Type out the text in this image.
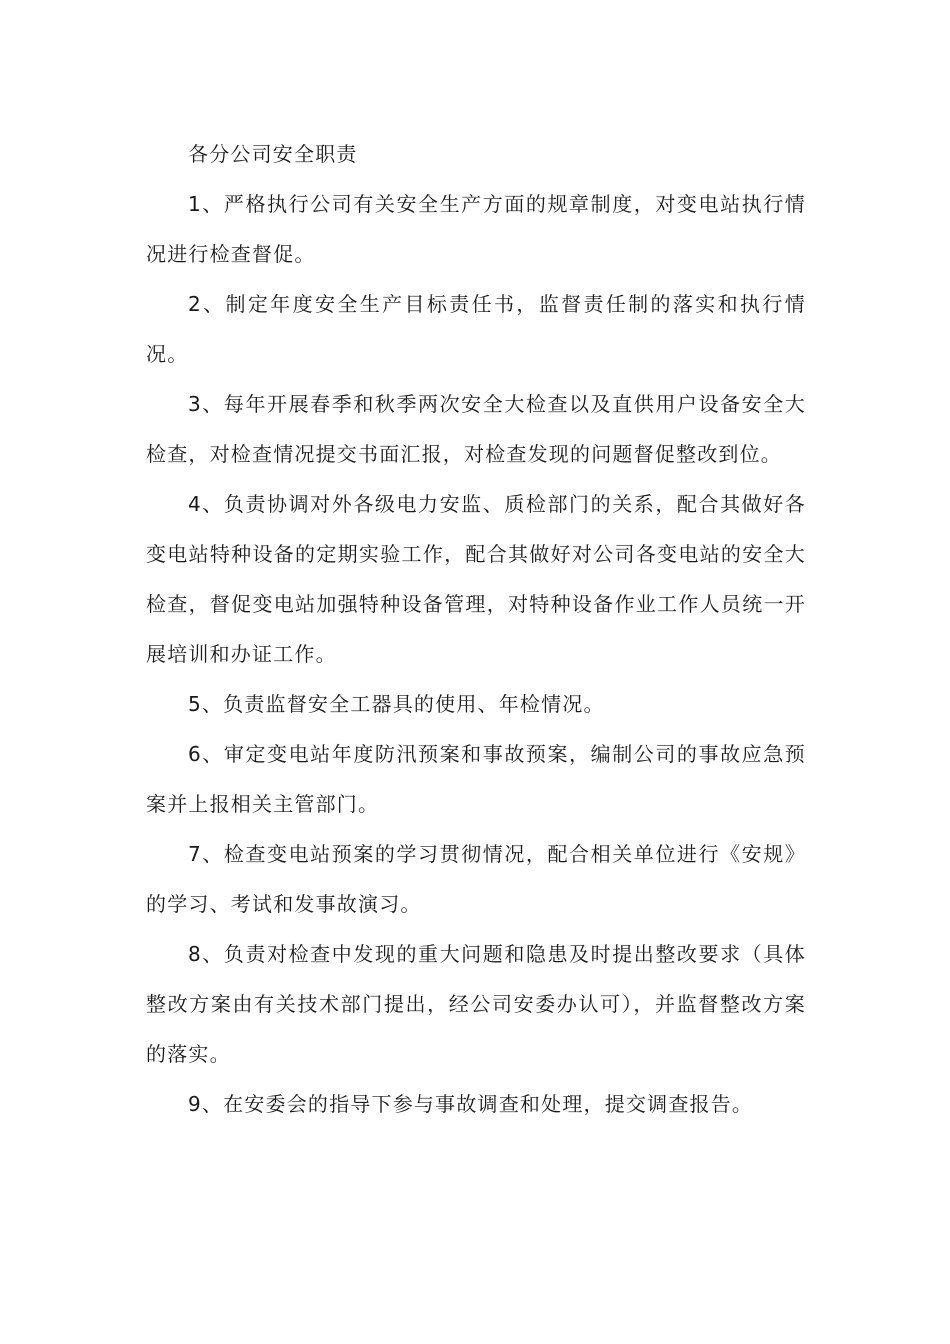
各分公司安全职责

1、严格执行公司有关安全生产方面的规章制度，对变电站执行情况进行检查督促。

2、制定年度安全生产目标责任书，监督责任制的落实和执行情况。

3、每年开展春季和秋季两次安全大检查以及直供用户设备安全大检查，对检查情况提交书面汇报，对检查发现的问题督促整改到位。

4、负责协调对外各级电力安监、质检部门的关系，配合其做好各变电站特种设备的定期实验工作，配合其做好对公司各变电站的安全大检查，督促变电站加强特种设备管理，对特种设备作业工作人员统一开展培训和办证工作。

5、负责监督安全工器具的使用、年检情况。

6、审定变电站年度防汛预案和事故预案，编制公司的事故应急预案并上报相关主管部门。

7、检查变电站预案的学习贯彻情况，配合相关单位进行《安规》的学习、考试和发事故演习。

8、负责对检查中发现的重大问题和隐患及时提出整改要求（具体整改方案由有关技术部门提出，经公司安委办认可），并监督整改方案的落实。

9、在安委会的指导下参与事故调查和处理，提交调查报告。
